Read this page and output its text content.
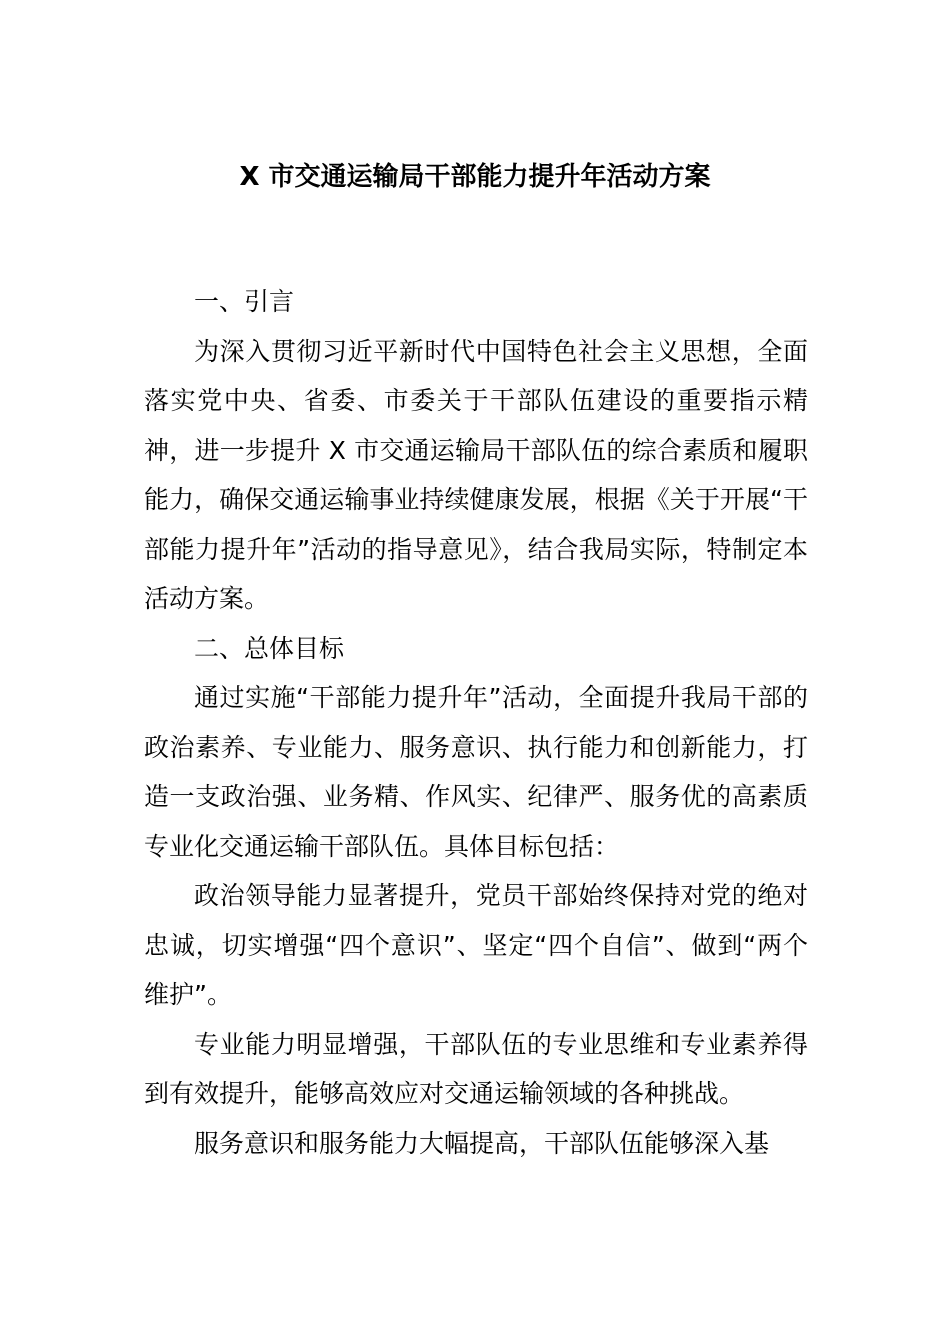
X 市交通运输局干部能力提升年活动方案

一、引言

为深入贯彻习近平新时代中国特色社会主义思想，全面落实党中央、省委、市委关于干部队伍建设的重要指示精神，进一步提升 X 市交通运输局干部队伍的综合素质和履职能力，确保交通运输事业持续健康发展，根据《关于开展“干部能力提升年”活动的指导意见》，结合我局实际，特制定本活动方案。

二、总体目标

通过实施“干部能力提升年”活动，全面提升我局干部的政治素养、专业能力、服务意识、执行能力和创新能力，打造一支政治强、业务精、作风实、纪律严、服务优的高素质专业化交通运输干部队伍。具体目标包括：

政治领导能力显著提升，党员干部始终保持对党的绝对忠诚，切实增强“四个意识”、坚定“四个自信”、做到“两个维护”。

专业能力明显增强，干部队伍的专业思维和专业素养得到有效提升，能够高效应对交通运输领域的各种挑战。

服务意识和服务能力大幅提高，干部队伍能够深入基
